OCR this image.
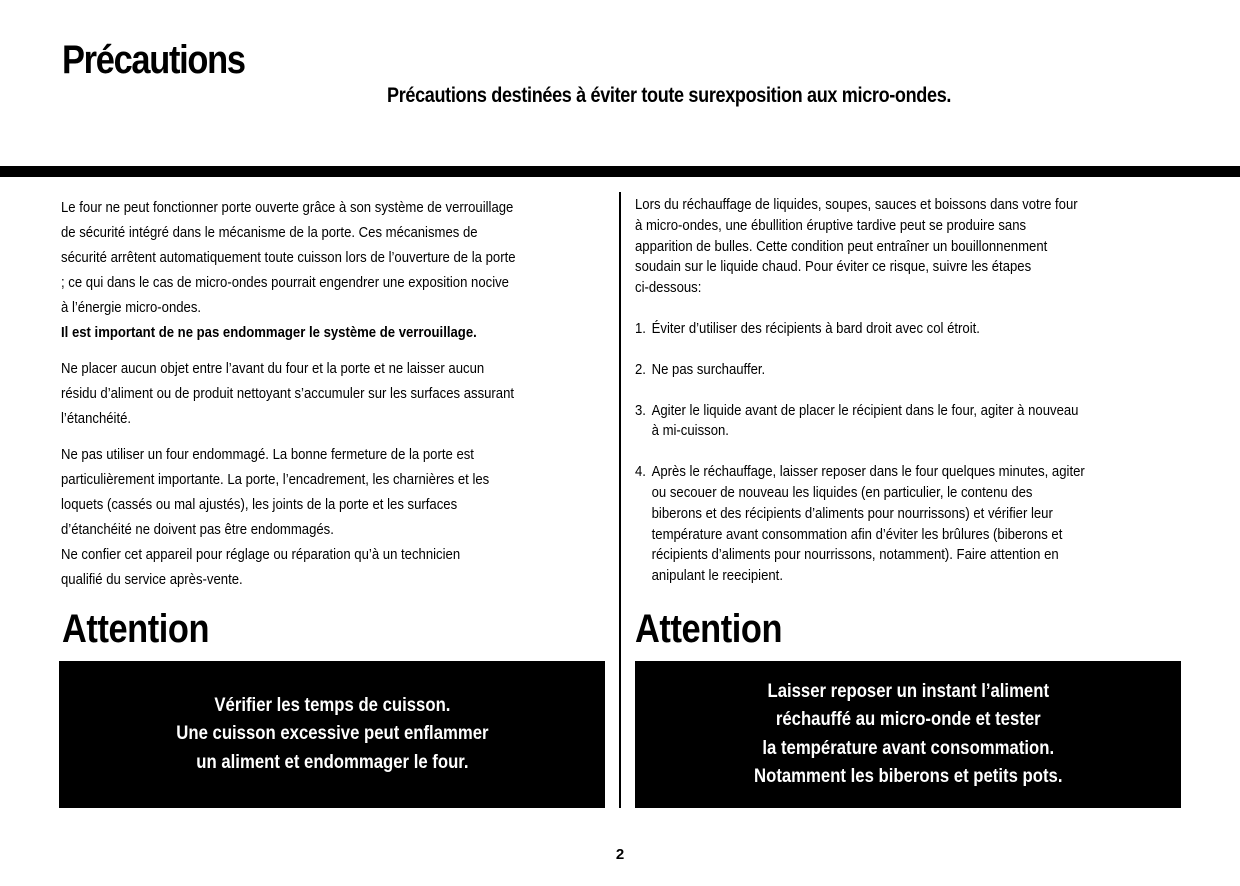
Précautions
Précautions destinées à éviter toute surexposition aux micro-ondes.

Le four ne peut fonctionner porte ouverte grâce à son système de verrouillage
de sécurité intégré dans le mécanisme de la porte. Ces mécanismes de
sécurité arrêtent automatiquement toute cuisson lors de l’ouverture de la porte
; ce qui dans le cas de micro-ondes pourrait engendrer une exposition nocive
à l’énergie micro-ondes.
Il est important de ne pas endommager le système de verrouillage.

Ne placer aucun objet entre l’avant du four et la porte et ne laisser aucun
résidu d’aliment ou de produit nettoyant s’accumuler sur les surfaces assurant
l’étanchéité.

Ne pas utiliser un four endommagé. La bonne fermeture de la porte est
particulièrement importante. La porte, l’encadrement, les charnières et les
loquets (cassés ou mal ajustés), les joints de la porte et les surfaces
d’étanchéité ne doivent pas être endommagés.
Ne confier cet appareil pour réglage ou réparation qu’à un technicien
qualifié du service après-vente.

Lors du réchauffage de liquides, soupes, sauces et boissons dans votre four
à micro-ondes, une ébullition éruptive tardive peut se produire sans
apparition de bulles. Cette condition peut entraîner un bouillonnenment
soudain sur le liquide chaud. Pour éviter ce risque, suivre les étapes
ci-dessous:

1. Éviter d’utiliser des récipients à bard droit avec col étroit.
2. Ne pas surchauffer.
3. Agiter le liquide avant de placer le récipient dans le four, agiter à nouveau
à mi-cuisson.
4. Après le réchauffage, laisser reposer dans le four quelques minutes, agiter
ou secouer de nouveau les liquides (en particulier, le contenu des
biberons et des récipients d’aliments pour nourrissons) et vérifier leur
température avant consommation afin d’éviter les brûlures (biberons et
récipients d’aliments pour nourrissons, notamment). Faire attention en
anipulant le reecipient.
Attention	Attention
Vérifier les temps de cuisson.
Une cuisson excessive peut enflammer
un aliment et endommager le four.
Laisser reposer un instant l’aliment
réchauffé au micro-onde et tester
la température avant consommation.
Notamment les biberons et petits pots.
2
